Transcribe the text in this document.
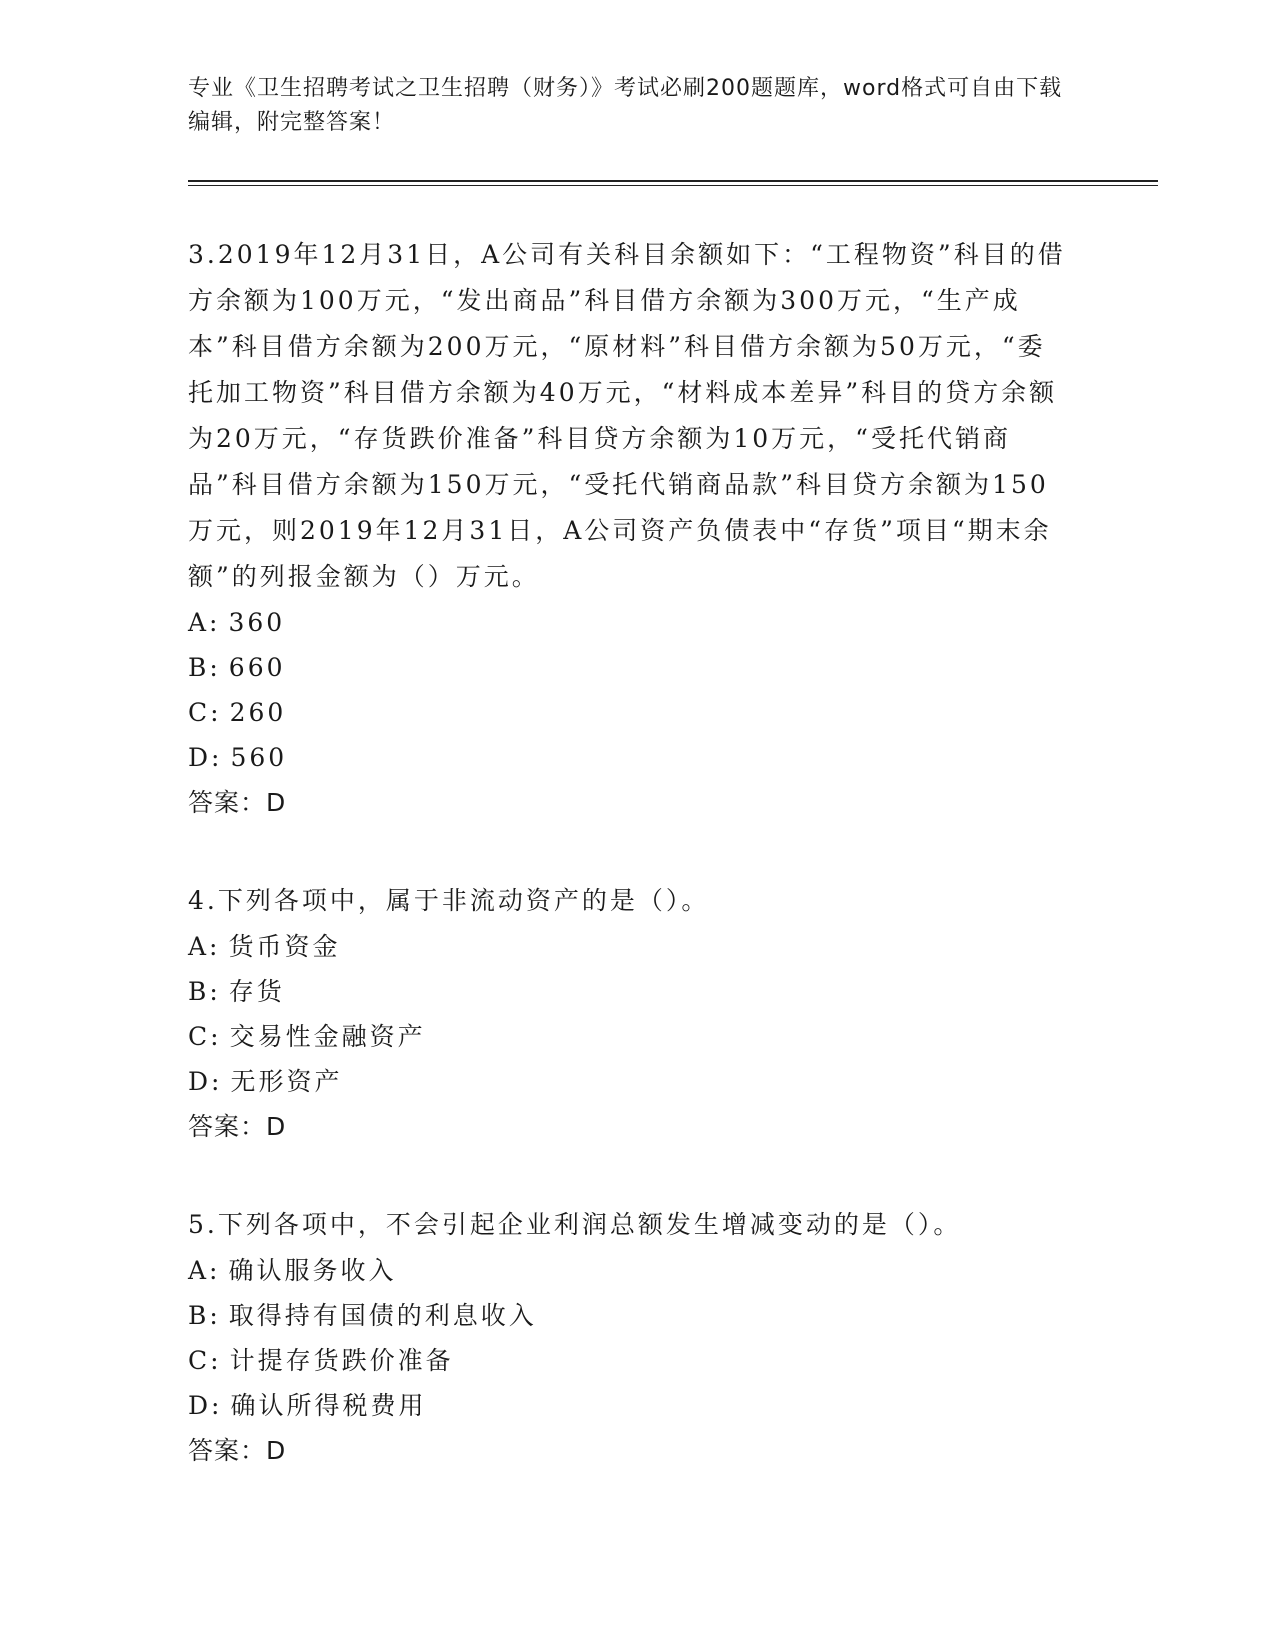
专业《卫生招聘考试之卫生招聘（财务）》考试必刷200题题库，word格式可自由下载编辑，附完整答案！

3.2019年12月31日，A公司有关科目余额如下：“工程物资”科目的借方余额为100万元，“发出商品”科目借方余额为300万元，“生产成本”科目借方余额为200万元，“原材料”科目借方余额为50万元，“委托加工物资”科目借方余额为40万元，“材料成本差异”科目的贷方余额为20万元，“存货跌价准备”科目贷方余额为10万元，“受托代销商品”科目借方余额为150万元，“受托代销商品款”科目贷方余额为150万元，则2019年12月31日，A公司资产负债表中“存货”项目“期末余额”的列报金额为（）万元。

A: 360

B: 660

C: 260

D: 560

答案：D

4.下列各项中，属于非流动资产的是（）。

A: 货币资金

B: 存货

C: 交易性金融资产

D: 无形资产

答案：D

5.下列各项中，不会引起企业利润总额发生增减变动的是（）。

A: 确认服务收入

B: 取得持有国债的利息收入

C: 计提存货跌价准备

D: 确认所得税费用

答案：D
